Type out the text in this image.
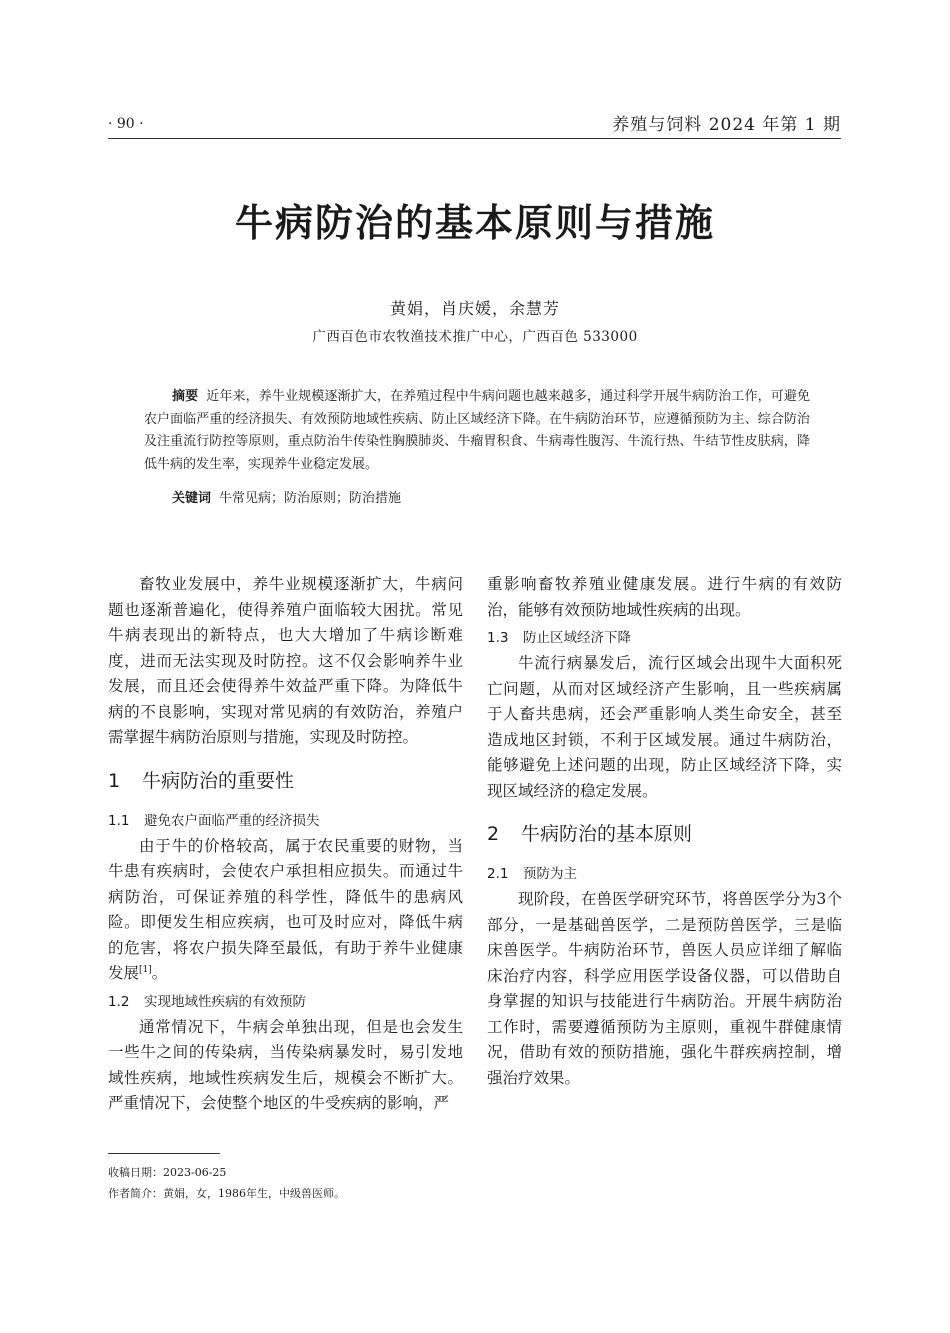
· 90 ·	养殖与饲料 2024 年第 1 期
牛病防治的基本原则与措施
黄娟，肖庆媛，余慧芳
广西百色市农牧渔技术推广中心，广西百色 533000
摘要 近年来，养牛业规模逐渐扩大，在养殖过程中牛病问题也越来越多，通过科学开展牛病防治工作，可避免农户面临严重的经济损失、有效预防地域性疾病、防止区域经济下降。在牛病防治环节，应遵循预防为主、综合防治及注重流行防控等原则，重点防治牛传染性胸膜肺炎、牛瘤胃积食、牛病毒性腹泻、牛流行热、牛结节性皮肤病，降低牛病的发生率，实现养牛业稳定发展。
关键词 牛常见病；防治原则；防治措施

畜牧业发展中，养牛业规模逐渐扩大，牛病问题也逐渐普遍化，使得养殖户面临较大困扰。常见牛病表现出的新特点，也大大增加了牛病诊断难度，进而无法实现及时防控。这不仅会影响养牛业发展，而且还会使得养牛效益严重下降。为降低牛病的不良影响，实现对常见病的有效防治，养殖户需掌握牛病防治原则与措施，实现及时防控。

1 牛病防治的重要性
1.1 避免农户面临严重的经济损失

由于牛的价格较高，属于农民重要的财物，当牛患有疾病时，会使农户承担相应损失。而通过牛病防治，可保证养殖的科学性，降低牛的患病风险。即便发生相应疾病，也可及时应对，降低牛病的危害，将农户损失降至最低，有助于养牛业健康发展[1]。

1.2 实现地域性疾病的有效预防

通常情况下，牛病会单独出现，但是也会发生一些牛之间的传染病，当传染病暴发时，易引发地域性疾病，地域性疾病发生后，规模会不断扩大。严重情况下，会使整个地区的牛受疾病的影响，严

重影响畜牧养殖业健康发展。进行牛病的有效防治，能够有效预防地域性疾病的出现。

1.3 防止区域经济下降

牛流行病暴发后，流行区域会出现牛大面积死亡问题，从而对区域经济产生影响，且一些疾病属于人畜共患病，还会严重影响人类生命安全，甚至造成地区封锁，不利于区域发展。通过牛病防治，能够避免上述问题的出现，防止区域经济下降，实现区域经济的稳定发展。

2 牛病防治的基本原则
2.1 预防为主

现阶段，在兽医学研究环节，将兽医学分为3个部分，一是基础兽医学，二是预防兽医学，三是临床兽医学。牛病防治环节，兽医人员应详细了解临床治疗内容，科学应用医学设备仪器，可以借助自身掌握的知识与技能进行牛病防治。开展牛病防治工作时，需要遵循预防为主原则，重视牛群健康情况，借助有效的预防措施，强化牛群疾病控制，增强治疗效果。

收稿日期：2023-06-25
作者简介：黄娟，女，1986年生，中级兽医师。
